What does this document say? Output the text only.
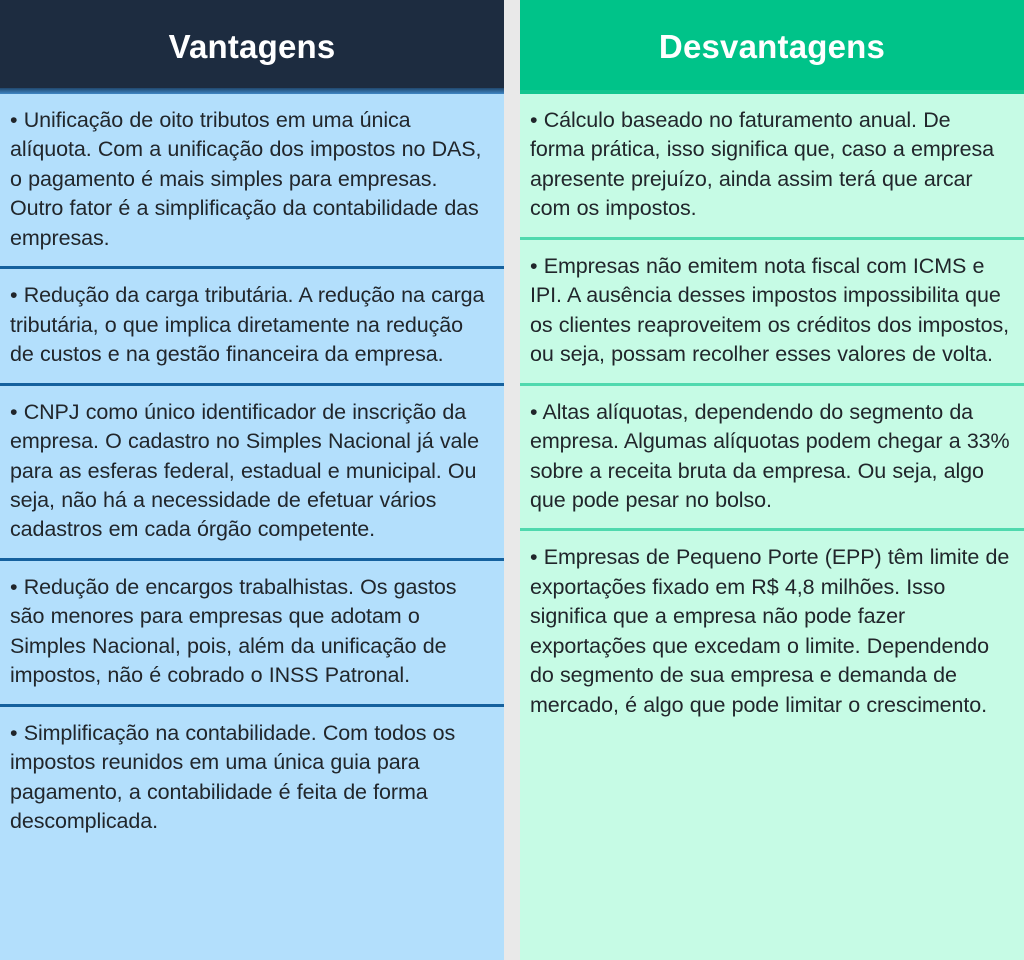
Vantagens

• Unificação de oito tributos em uma única alíquota. Com a unificação dos impostos no DAS, o pagamento é mais simples para empresas. Outro fator é a simplificação da contabilidade das empresas.

• Redução da carga tributária. A redução na carga tributária, o que implica diretamente na redução de custos e na gestão financeira da empresa.

• CNPJ como único identificador de inscrição da empresa. O cadastro no Simples Nacional já vale para as esferas federal, estadual e municipal. Ou seja, não há a necessidade de efetuar vários cadastros em cada órgão competente.

• Redução de encargos trabalhistas. Os gastos são menores para empresas que adotam o Simples Nacional, pois, além da unificação de impostos, não é cobrado o INSS Patronal.

• Simplificação na contabilidade. Com todos os impostos reunidos em uma única guia para pagamento, a contabilidade é feita de forma descomplicada.

Desvantagens

• Cálculo baseado no faturamento anual. De forma prática, isso significa que, caso a empresa apresente prejuízo, ainda assim terá que arcar com os impostos.

• Empresas não emitem nota fiscal com ICMS e IPI. A ausência desses impostos impossibilita que os clientes reaproveitem os créditos dos impostos, ou seja, possam recolher esses valores de volta.

• Altas alíquotas, dependendo do segmento da empresa. Algumas alíquotas podem chegar a 33% sobre a receita bruta da empresa. Ou seja, algo que pode pesar no bolso.

• Empresas de Pequeno Porte (EPP) têm limite de exportações fixado em R$ 4,8 milhões. Isso significa que a empresa não pode fazer exportações que excedam o limite. Dependendo do segmento de sua empresa e demanda de mercado, é algo que pode limitar o crescimento.
